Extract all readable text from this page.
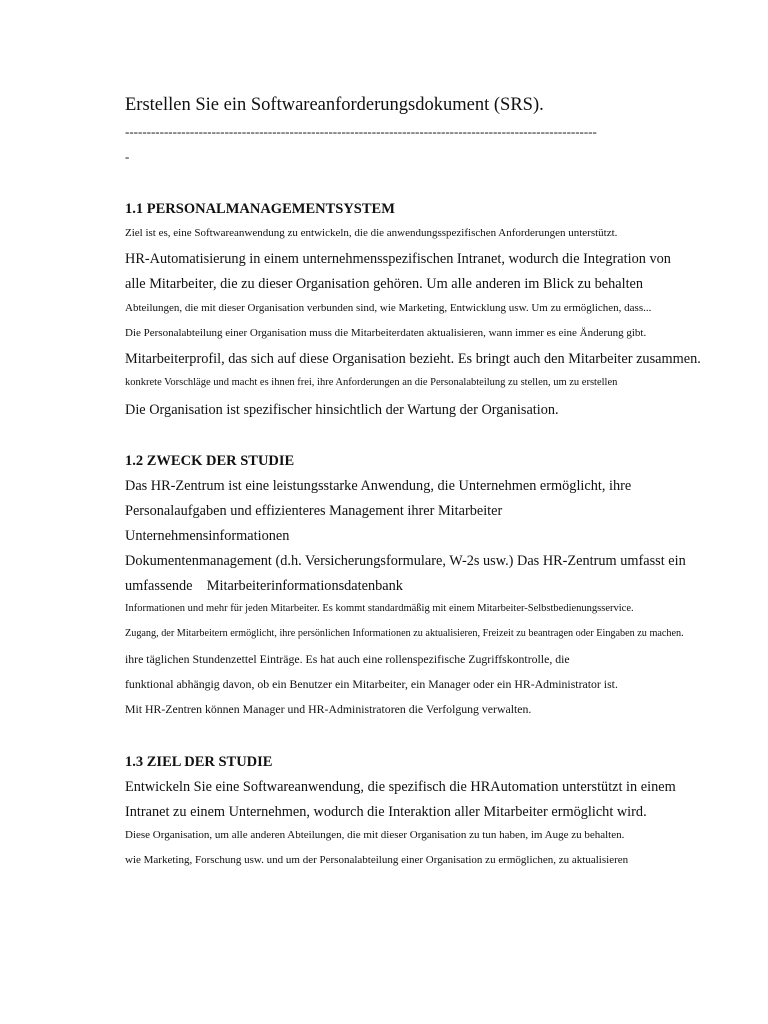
Erstellen Sie ein Softwareanforderungsdokument (SRS).
-------------------------------------------------------------------------------------------------------------
-
1.1 PERSONALMANAGEMENTSYSTEM
Ziel ist es, eine Softwareanwendung zu entwickeln, die die anwendungsspezifischen Anforderungen unterstützt.
HR-Automatisierung in einem unternehmensspezifischen Intranet, wodurch die Integration von
alle Mitarbeiter, die zu dieser Organisation gehören. Um alle anderen im Blick zu behalten
Abteilungen, die mit dieser Organisation verbunden sind, wie Marketing, Entwicklung usw. Um zu ermöglichen, dass...
Die Personalabteilung einer Organisation muss die Mitarbeiterdaten aktualisieren, wann immer es eine Änderung gibt.
Mitarbeiterprofil, das sich auf diese Organisation bezieht. Es bringt auch den Mitarbeiter zusammen.
konkrete Vorschläge und macht es ihnen frei, ihre Anforderungen an die Personalabteilung zu stellen, um zu erstellen
Die Organisation ist spezifischer hinsichtlich der Wartung der Organisation.
1.2 ZWECK DER STUDIE
Das HR-Zentrum ist eine leistungsstarke Anwendung, die Unternehmen ermöglicht, ihre
Personalaufgaben und effizienteres Management ihrer Mitarbeiter
Unternehmensinformationen
Dokumentenmanagement (d.h. Versicherungsformulare, W-2s usw.) Das HR-Zentrum umfasst ein
umfassende    Mitarbeiterinformationsdatenbank
Informationen und mehr für jeden Mitarbeiter. Es kommt standardmäßig mit einem Mitarbeiter-Selbstbedienungsservice.
Zugang, der Mitarbeitern ermöglicht, ihre persönlichen Informationen zu aktualisieren, Freizeit zu beantragen oder Eingaben zu machen.
ihre täglichen Stundenzettel Einträge. Es hat auch eine rollenspezifische Zugriffskontrolle, die
funktional abhängig davon, ob ein Benutzer ein Mitarbeiter, ein Manager oder ein HR-Administrator ist.
Mit HR-Zentren können Manager und HR-Administratoren die Verfolgung verwalten.
1.3 ZIEL DER STUDIE
Entwickeln Sie eine Softwareanwendung, die spezifisch die HRAutomation unterstützt in einem
Intranet zu einem Unternehmen, wodurch die Interaktion aller Mitarbeiter ermöglicht wird.
Diese Organisation, um alle anderen Abteilungen, die mit dieser Organisation zu tun haben, im Auge zu behalten.
wie Marketing, Forschung usw. und um der Personalabteilung einer Organisation zu ermöglichen, zu aktualisieren
